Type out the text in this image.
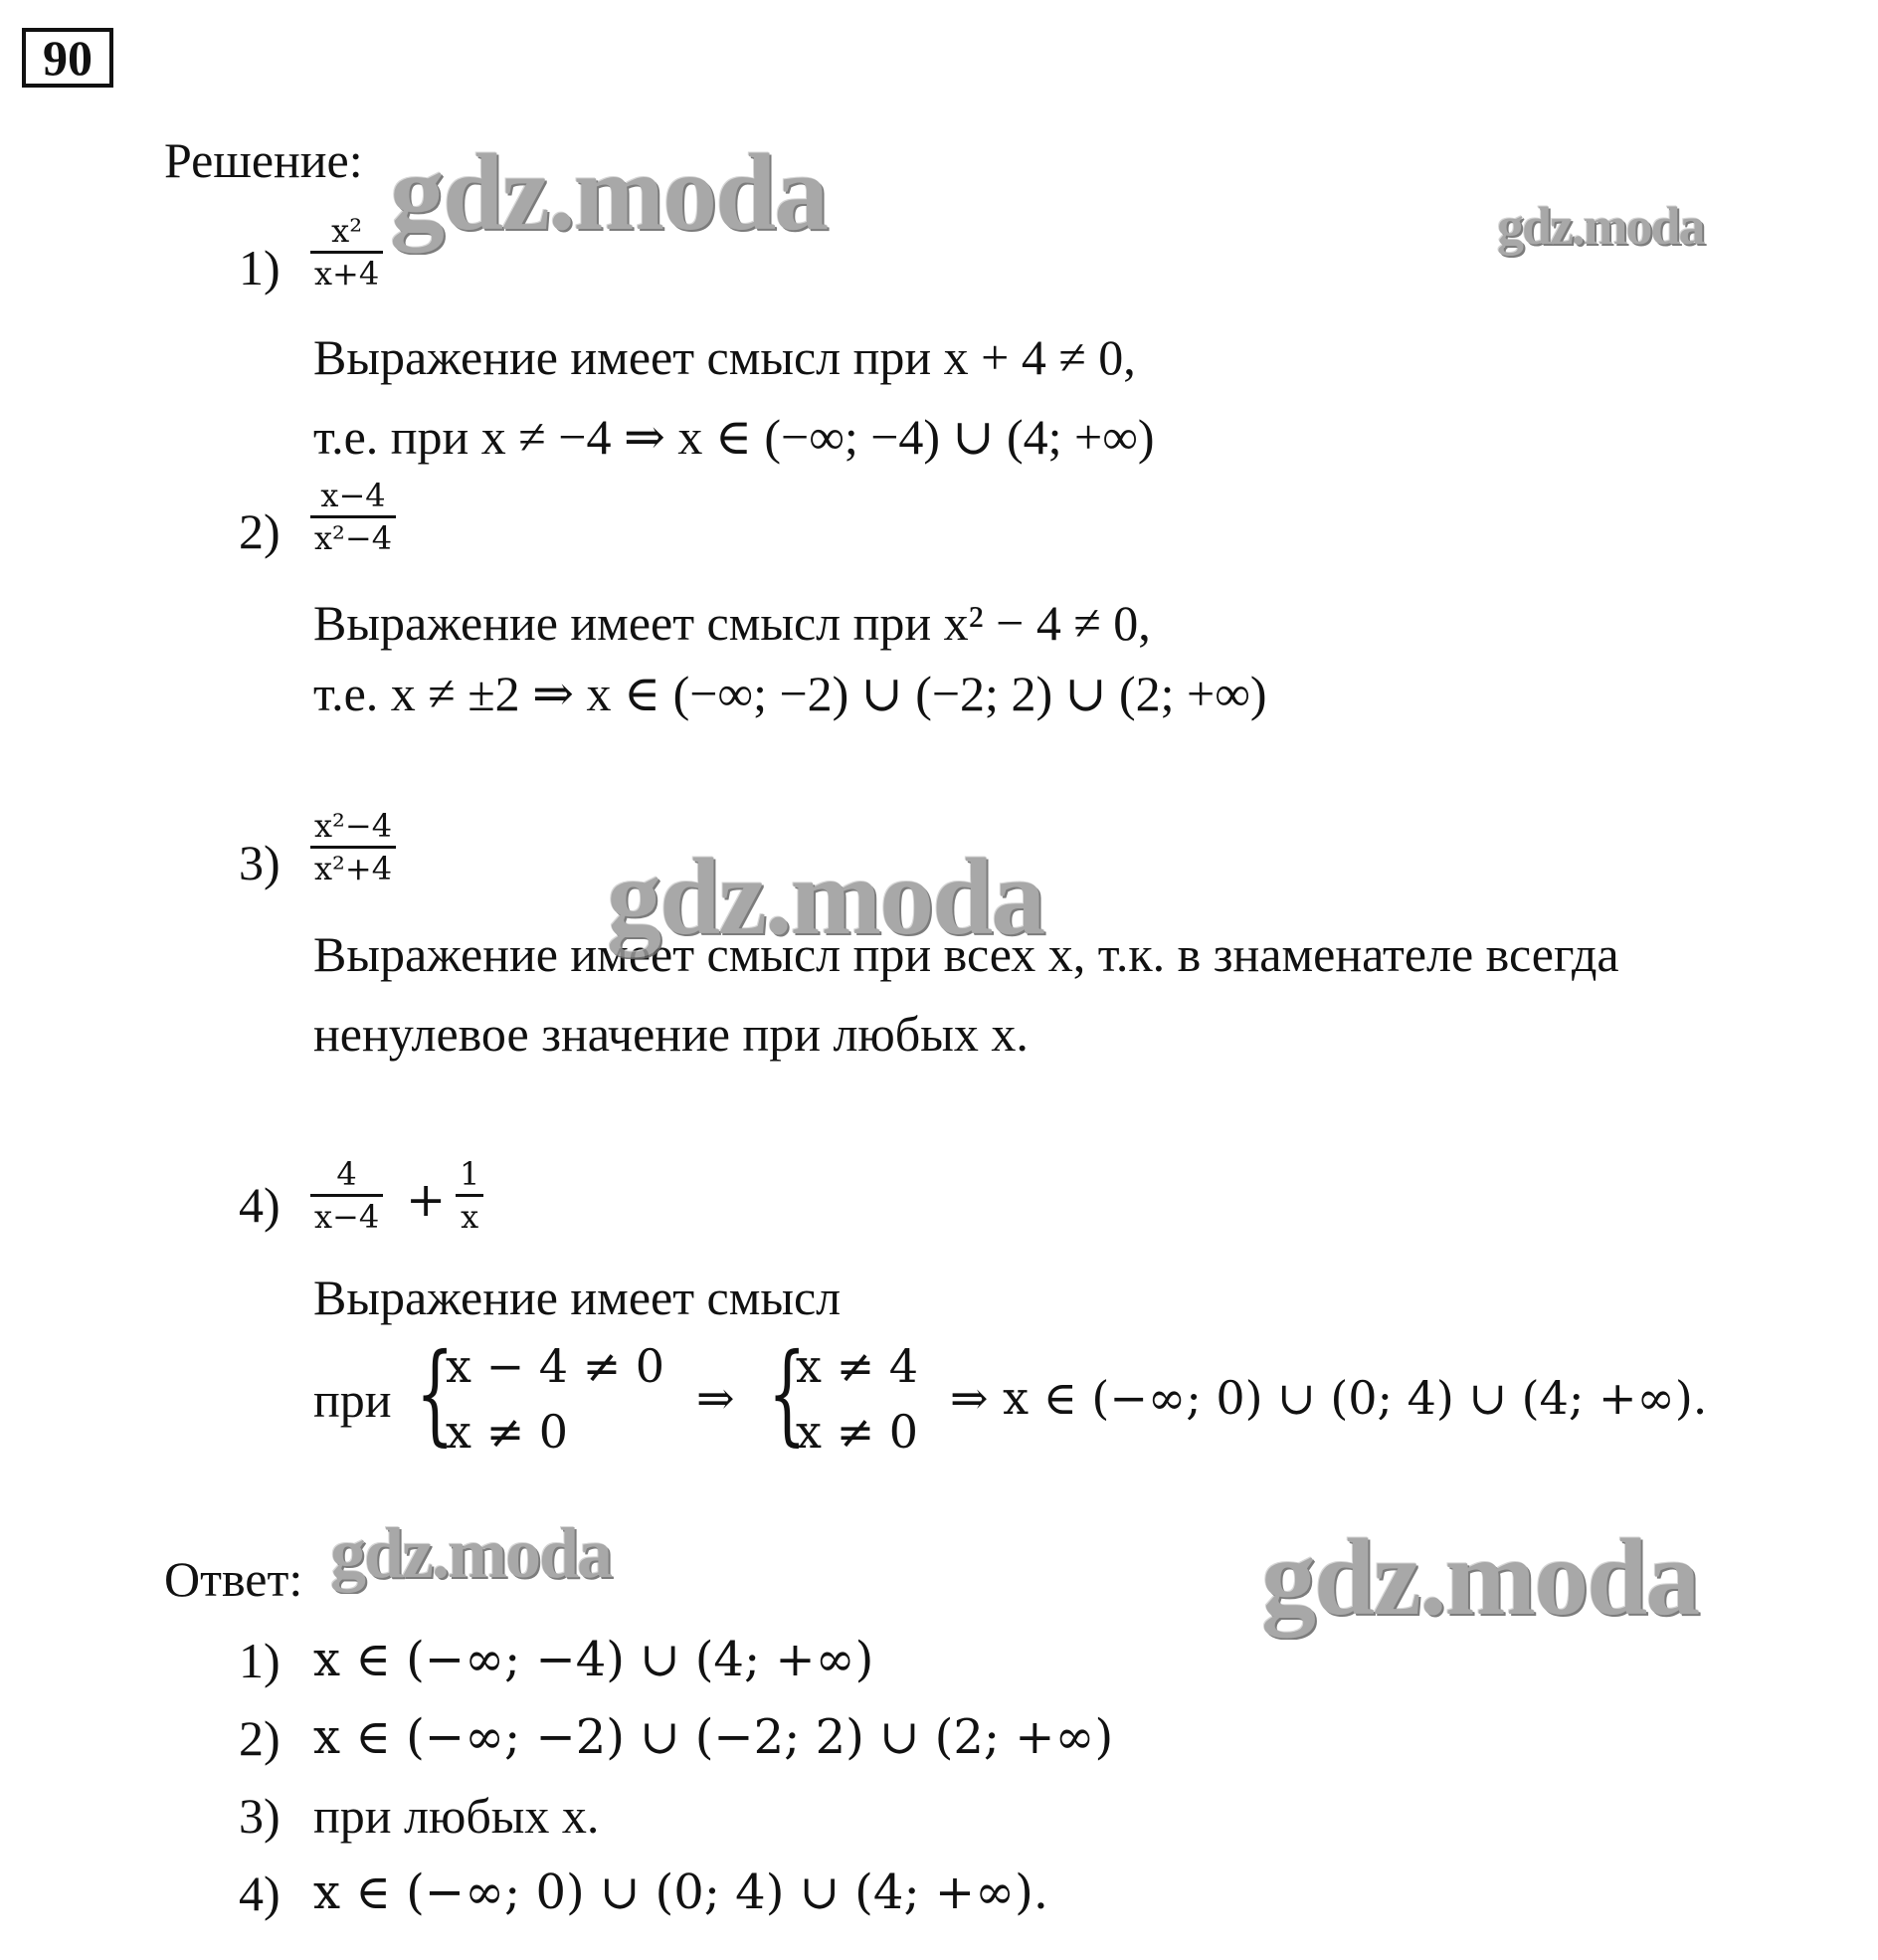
90
Решение:
$1) \frac{\text{x²}}{x+4}$
Выражение имеет смысл при x + 4 ≠ 0,
т.е. при x ≠ −4 ⇒ x ∈ (−∞; −4) ∪ (4; +∞)
$2) \frac{x-4}{\text{x²−4}}$
Выражение имеет смысл при x² − 4 ≠ 0,
т.е. x ≠ ±2 ⇒ x ∈ (−∞; −2) ∪ (−2; 2) ∪ (2; +∞)
$3) \frac{\text{x²−4}}{\text{x²+4}}$
Выражение имеет смысл при всех x, т.к. в знаменателе всегда
ненулевое значение при любых x.
$4) \frac{4}{x-4} + \frac{1}{x}$
Выражение имеет смысл
при {
x − 4 ≠ 0
x ≠ 0
⇒ {
x ≠ 4
x ≠ 0
⇒ x ∈ (−∞; 0) ∪ (0; 4) ∪ (4; +∞).
Ответ:
1) x ∈ (−∞; −4) ∪ (4; +∞)
2) x ∈ (−∞; −2) ∪ (−2; 2) ∪ (2; +∞)
3) при любых x.
4) x ∈ (−∞; 0) ∪ (0; 4) ∪ (4; +∞).
gdz.moda	gdz.moda
gdz.moda
gdz.moda	gdz.moda
